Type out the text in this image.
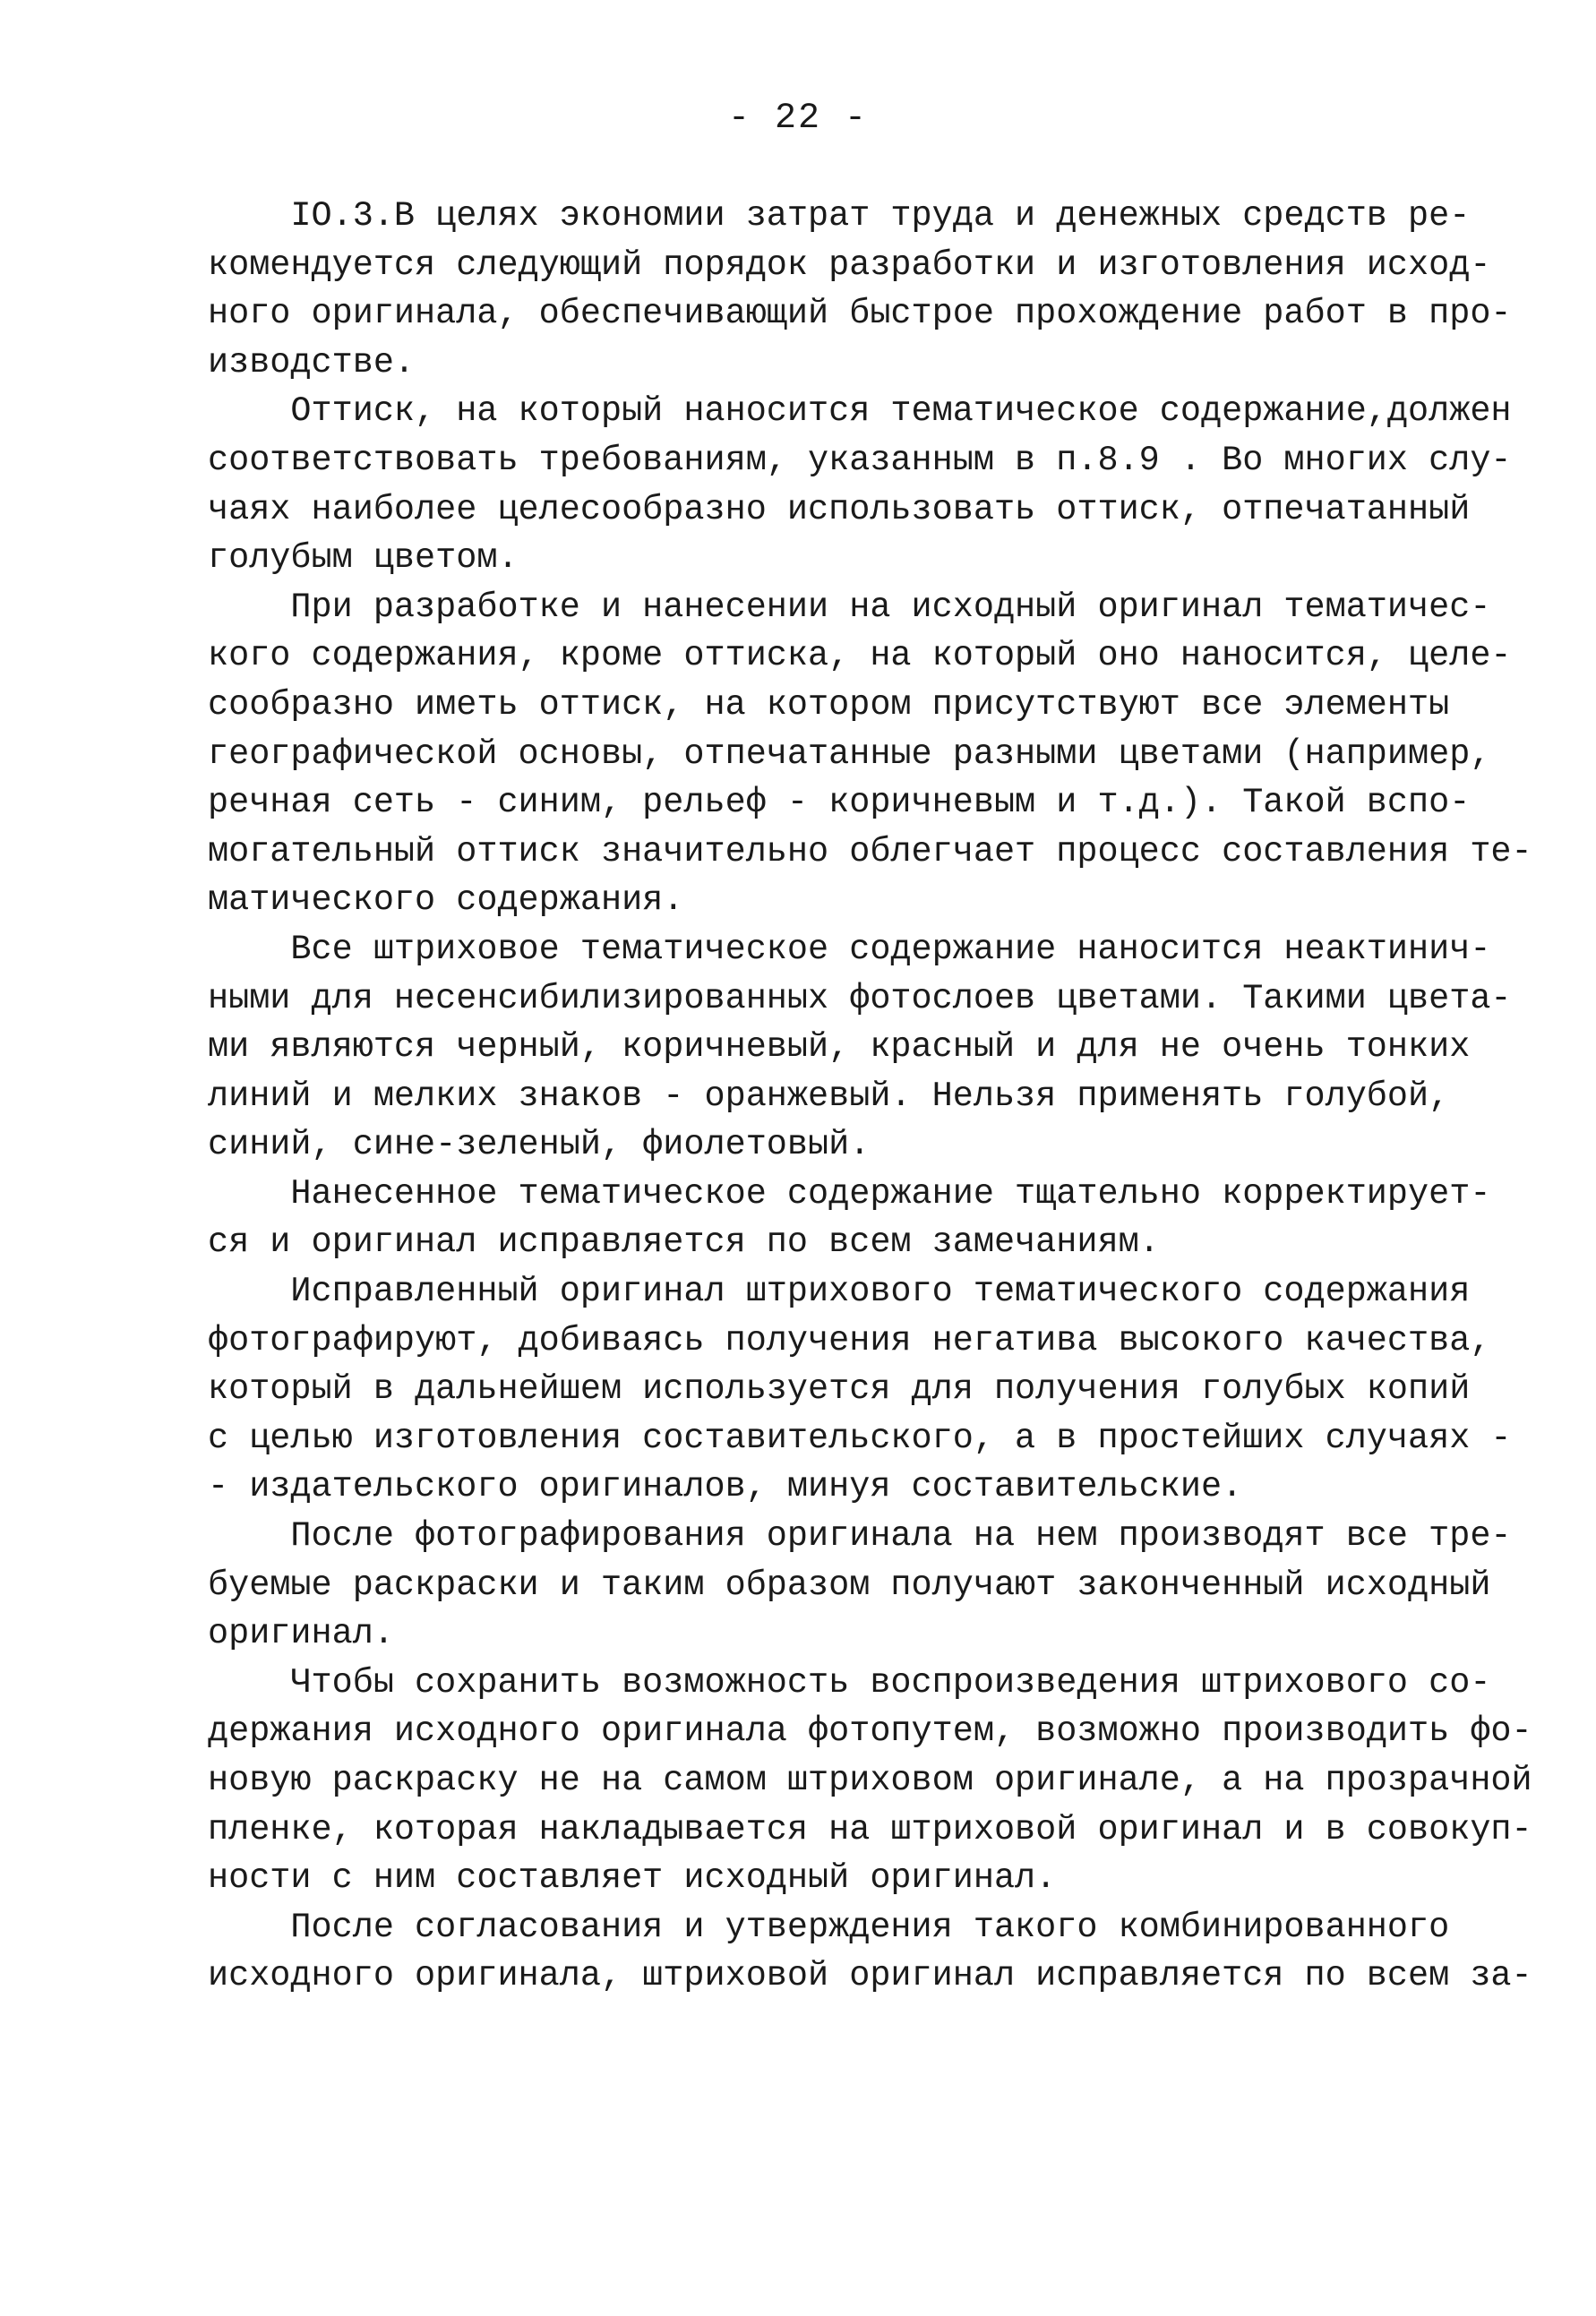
- 22 -
IO.3.В целях экономии затрат труда и денежных средств ре-
комендуется следующий порядок разработки и изготовления исход-
ного оригинала, обеспечивающий быстрое прохождение работ в про-
изводстве.
Оттиск, на который наносится тематическое содержание,должен
соответствовать требованиям, указанным в п.8.9 . Во многих слу-
чаях наиболее целесообразно использовать оттиск, отпечатанный
голубым цветом.
При разработке и нанесении на исходный оригинал тематичес-
кого содержания, кроме оттиска, на который оно наносится, целе-
сообразно иметь оттиск, на котором присутствуют все элементы
географической основы, отпечатанные разными цветами (например,
речная сеть - синим, рельеф - коричневым и т.д.). Такой вспо-
могательный оттиск значительно облегчает процесс составления те-
матического содержания.
Все штриховое тематическое содержание наносится неактинич-
ными для несенсибилизированных фотослоев цветами. Такими цвета-
ми являются черный, коричневый, красный и для не очень тонких
линий и мелких знаков - оранжевый. Нельзя применять голубой,
синий, сине-зеленый, фиолетовый.
Нанесенное тематическое содержание тщательно корректирует-
ся и оригинал исправляется по всем замечаниям.
Исправленный оригинал штрихового тематического содержания
фотографируют, добиваясь получения негатива высокого качества,
который в дальнейшем используется для получения голубых копий
с целью изготовления составительского, а в простейших случаях -
- издательского оригиналов, минуя составительские.
После фотографирования оригинала на нем производят все тре-
буемые раскраски и таким образом получают законченный исходный
оригинал.
Чтобы сохранить возможность воспроизведения штрихового со-
держания исходного оригинала фотопутем, возможно производить фо-
новую раскраску не на самом штриховом оригинале, а на прозрачной
пленке, которая накладывается на штриховой оригинал и в совокуп-
ности с ним составляет исходный оригинал.
После согласования и утверждения такого комбинированного
исходного оригинала, штриховой оригинал исправляется по всем за-
